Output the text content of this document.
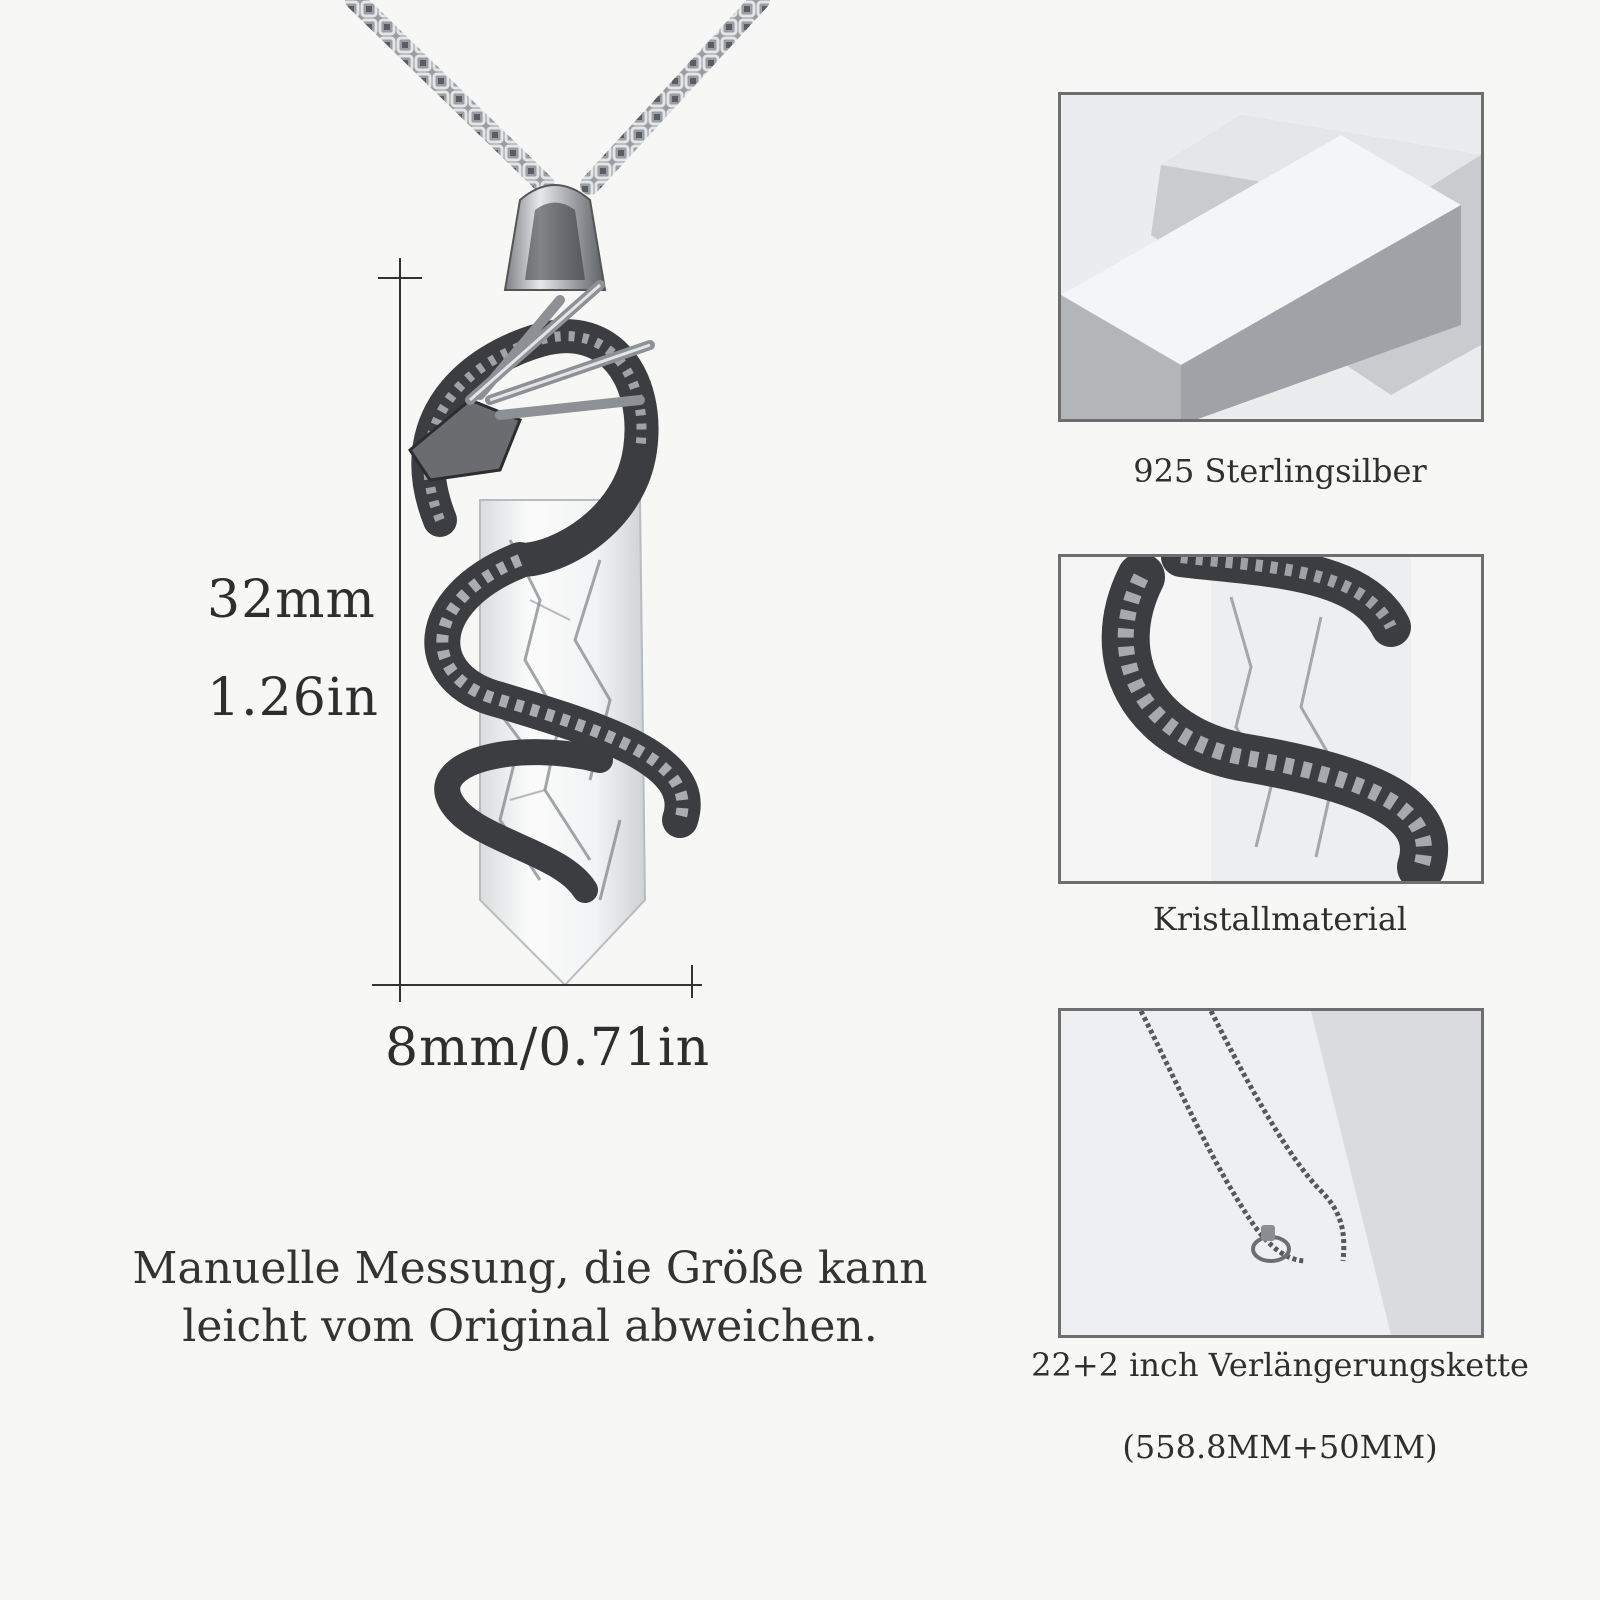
32mm
1.26in
8mm/0.71in
Manuelle Messung, die Größe kann
leicht vom Original abweichen.
925 Sterlingsilber
Kristallmaterial
22+2 inch Verlängerungskette
(558.8MM+50MM)
